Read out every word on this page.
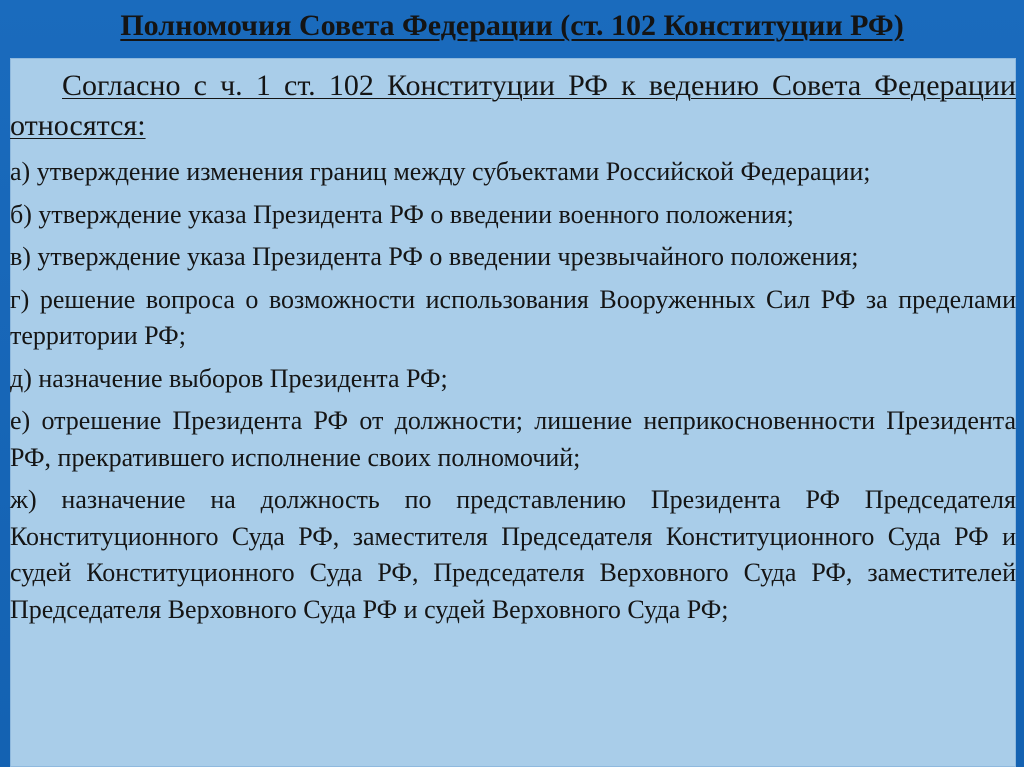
Полномочия Совета Федерации (ст. 102 Конституции РФ)

Согласно с ч. 1 ст. 102 Конституции РФ к ведению Совета Федерации относятся:

а) утверждение изменения границ между субъектами Российской Федерации;

б) утверждение указа Президента РФ о введении военного положения;

в) утверждение указа Президента РФ о введении чрезвычайного положения;

г) решение вопроса о возможности использования Вооруженных Сил РФ за пределами территории РФ;

д) назначение выборов Президента РФ;

е) отрешение Президента РФ от должности; лишение неприкосновенности Президента РФ, прекратившего исполнение своих полномочий;

ж) назначение на должность по представлению Президента РФ Председателя Конституционного Суда РФ, заместителя Председателя Конституционного Суда РФ и судей Конституционного Суда РФ, Председателя Верховного Суда РФ, заместителей Председателя Верховного Суда РФ и судей Верховного Суда РФ;
